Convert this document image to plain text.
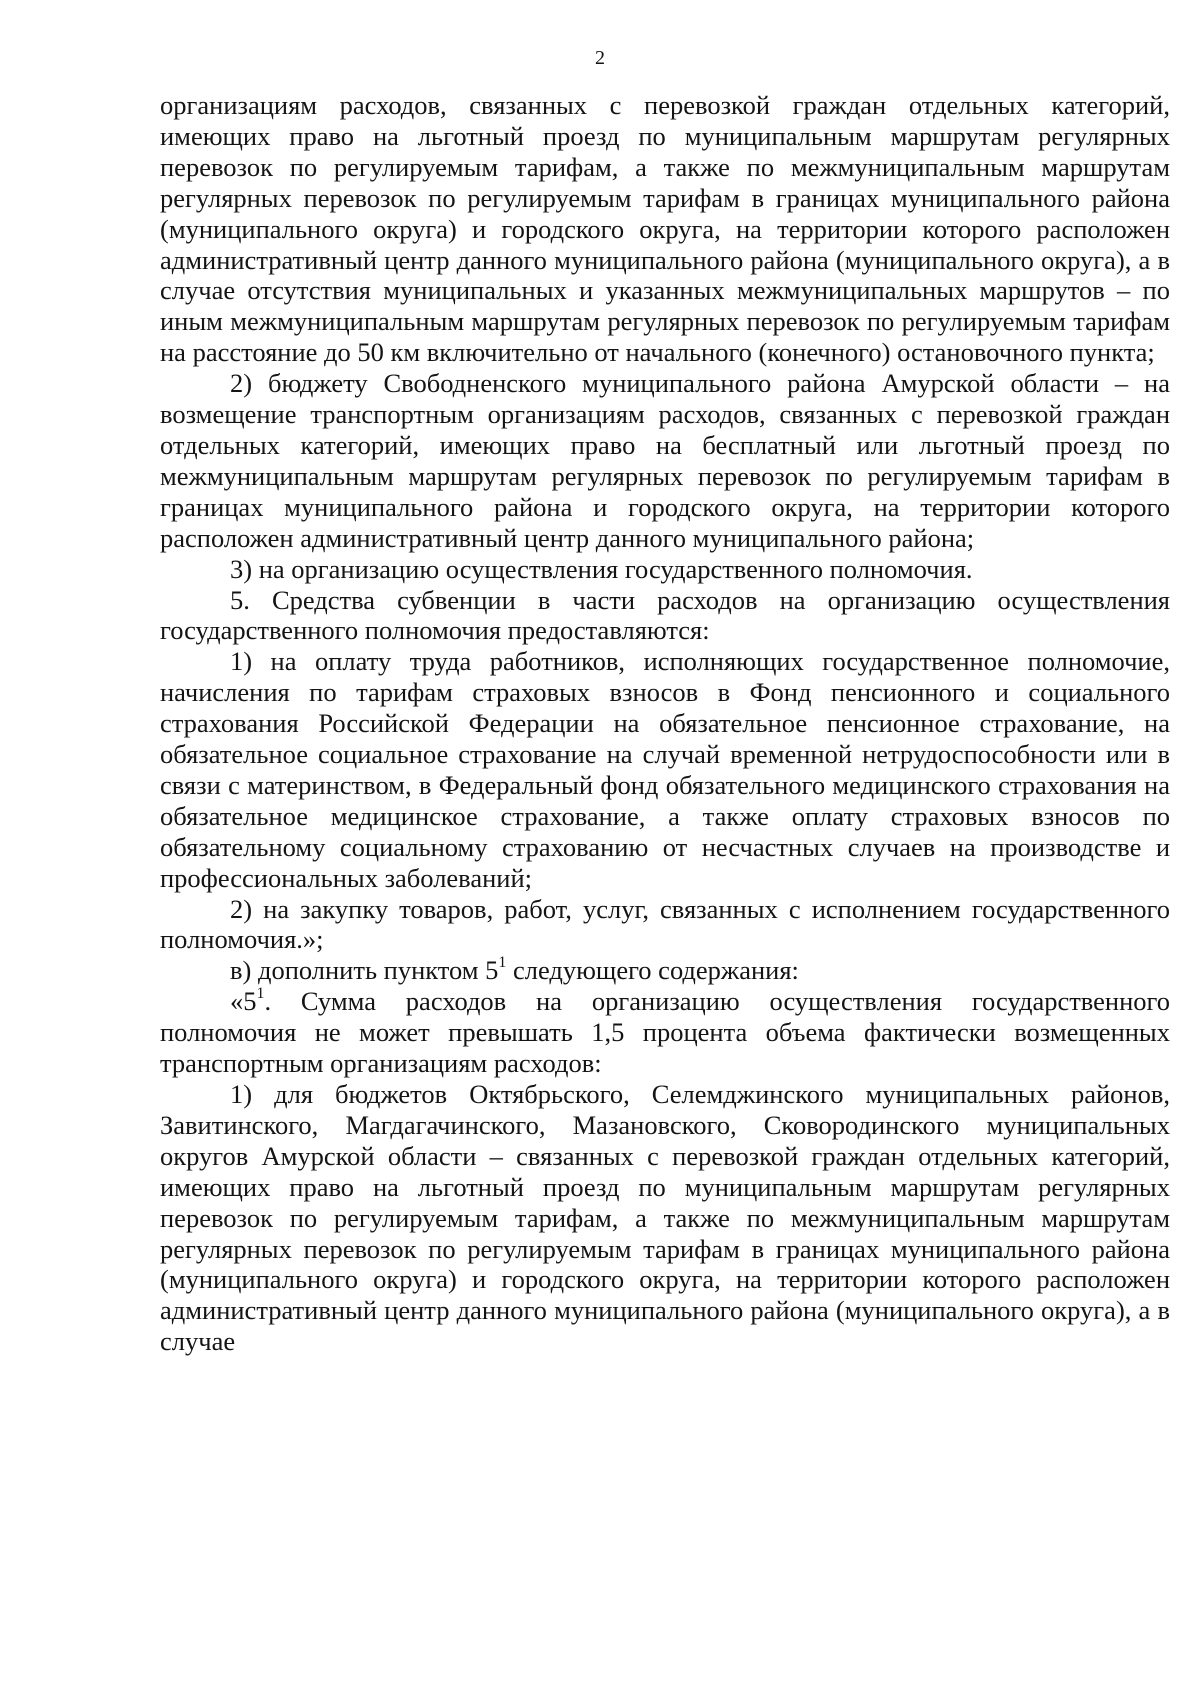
2

организациям расходов, связанных с перевозкой граждан отдельных категорий, имеющих право на льготный проезд по муниципальным маршрутам регулярных перевозок по регулируемым тарифам, а также по межмуниципальным маршрутам регулярных перевозок по регулируемым тарифам в границах муниципального района (муниципального округа) и городского округа, на территории которого расположен административный центр данного муниципального района (муниципального округа), а в случае отсутствия муниципальных и указанных межмуниципальных маршрутов – по иным межмуниципальным маршрутам регулярных перевозок по регулируемым тарифам на расстояние до 50 км включительно от начального (конечного) остановочного пункта;

2) бюджету Свободненского муниципального района Амурской области – на возмещение транспортным организациям расходов, связанных с перевозкой граждан отдельных категорий, имеющих право на бесплатный или льготный проезд по межмуниципальным маршрутам регулярных перевозок по регулируемым тарифам в границах муниципального района и городского округа, на территории которого расположен административный центр данного муниципального района;

3) на организацию осуществления государственного полномочия.

5. Средства субвенции в части расходов на организацию осуществления государственного полномочия предоставляются:

1) на оплату труда работников, исполняющих государственное полномочие, начисления по тарифам страховых взносов в Фонд пенсионного и социального страхования Российской Федерации на обязательное пенсионное страхование, на обязательное социальное страхование на случай временной нетрудоспособности или в связи с материнством, в Федеральный фонд обязательного медицинского страхования на обязательное медицинское страхование, а также оплату страховых взносов по обязательному социальному страхованию от несчастных случаев на производстве и профессиональных заболеваний;

2) на закупку товаров, работ, услуг, связанных с исполнением государственного полномочия.»;

в) дополнить пунктом $5^1$ следующего содержания:

«$5^1$. Сумма расходов на организацию осуществления государственного полномочия не может превышать 1,5 процента объема фактически возмещенных транспортным организациям расходов:

1) для бюджетов Октябрьского, Селемджинского муниципальных районов, Завитинского, Магдагачинского, Мазановского, Сковородинского муниципальных округов Амурской области – связанных с перевозкой граждан отдельных категорий, имеющих право на льготный проезд по муниципальным маршрутам регулярных перевозок по регулируемым тарифам, а также по межмуниципальным маршрутам регулярных перевозок по регулируемым тарифам в границах муниципального района (муниципального округа) и городского округа, на территории которого расположен административный центр данного муниципального района (муниципального округа), а в случае
